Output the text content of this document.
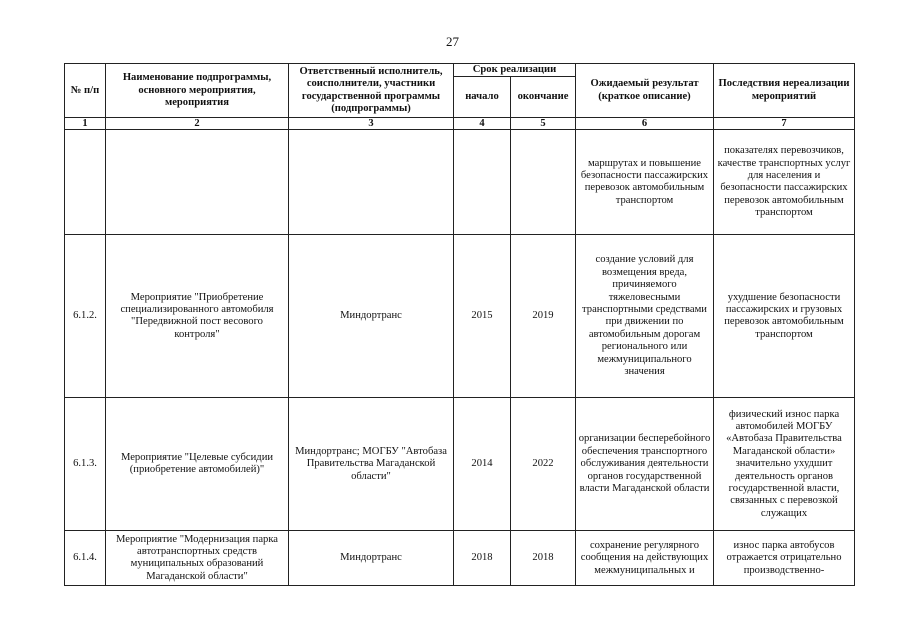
27
№ п/п	Наименование подпрограммы, основного мероприятия, мероприятия	Ответственный исполнитель, соисполнители, участники государственной программы (подпрограммы)	Срок реализации		Ожидаемый результат (краткое описание)	Последствия нереализации мероприятий
			начало	окончание		
1	2	3	4	5	6	7
					маршрутах и повышение безопасности пассажирских перевозок автомобильным транспортом	показателях перевозчиков, качестве транспортных услуг для населения и безопасности пассажирских перевозок автомобильным транспортом
6.1.2.	Мероприятие "Приобретение специализированного автомобиля "Передвижной пост весового контроля"	Миндортранс	2015	2019	создание условий для возмещения вреда, причиняемого тяжеловесными транспортными средствами при движении по автомобильным дорогам регионального или межмуниципального значения	ухудшение безопасности пассажирских и грузовых перевозок автомобильным транспортом
6.1.3.	Мероприятие "Целевые субсидии (приобретение автомобилей)"	Миндортранс; МОГБУ "Автобаза Правительства Магаданской области"	2014	2022	организации бесперебойного обеспечения транспортного обслуживания деятельности органов государственной власти Магаданской области	физический износ парка автомобилей МОГБУ «Автобаза Правительства Магаданской области» значительно ухудшит деятельность органов государственной власти, связанных с перевозкой служащих
6.1.4.	Мероприятие "Модернизация парка автотранспортных средств муниципальных образований Магаданской области"	Миндортранс	2018	2018	сохранение регулярного сообщения на действующих межмуниципальных и	износ парка автобусов отражается отрицательно производственно-
